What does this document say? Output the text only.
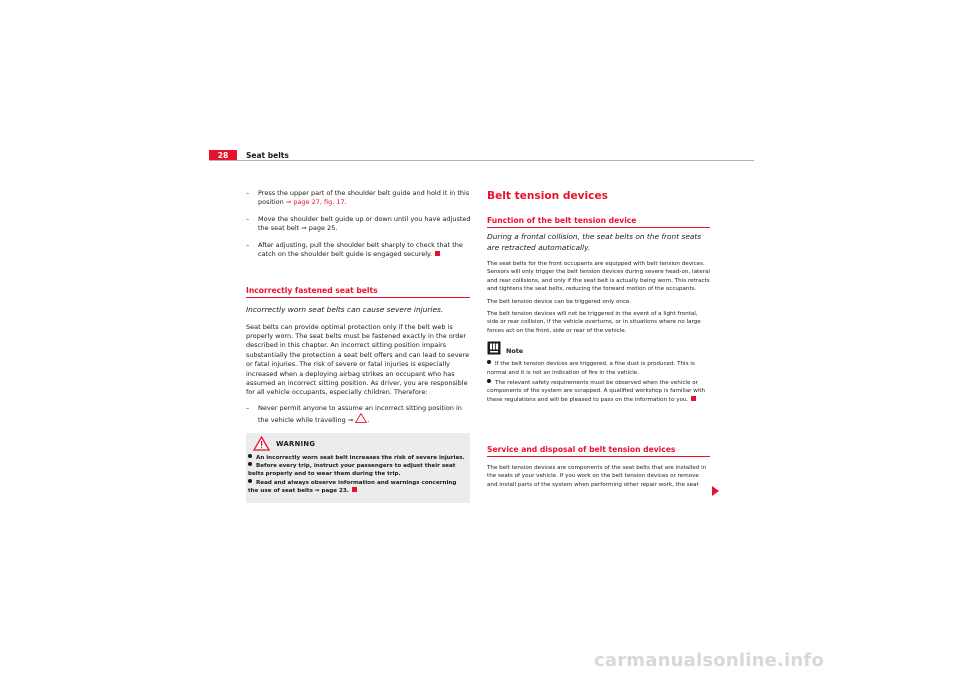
28	Seat belts

– Press the upper part of the shoulder belt guide and hold it in this position ⇒ page 27, fig. 17.

– Move the shoulder belt guide up or down until you have adjusted the seat belt ⇒ page 25.

– After adjusting, pull the shoulder belt sharply to check that the catch on the shoulder belt guide is engaged securely.

Incorrectly fastened seat belts

Incorrectly worn seat belts can cause severe injuries.

Seat belts can provide optimal protection only if the belt web is properly worn. The seat belts must be fastened exactly in the order described in this chapter. An incorrect sitting position impairs substantially the protection a seat belt offers and can lead to severe or fatal injuries. The risk of severe or fatal injuries is especially increased when a deploying airbag strikes an occupant who has assumed an incorrect sitting position. As driver, you are responsible for all vehicle occupants, especially children. Therefore:

– Never permit anyone to assume an incorrect sitting position in the vehicle while travelling ⇒ .

WARNING
An incorrectly worn seat belt increases the risk of severe injuries.
Before every trip, instruct your passengers to adjust their seat belts properly and to wear them during the trip.
Read and always observe information and warnings concerning the use of seat belts ⇒ page 23.
Belt tension devices
Function of the belt tension device

During a frontal collision, the seat belts on the front seats are retracted automatically.

The seat belts for the front occupants are equipped with belt tension devices. Sensors will only trigger the belt tension devices during severe head-on, lateral and rear collisions, and only if the seat belt is actually being worn. This retracts and tightens the seat belts, reducing the forward motion of the occupants.

The belt tension device can be triggered only once.

The belt tension devices will not be triggered in the event of a light frontal, side or rear collision, if the vehicle overturns, or in situations where no large forces act on the front, side or rear of the vehicle.

Note

If the belt tension devices are triggered, a fine dust is produced. This is normal and it is not an indication of fire in the vehicle.

The relevant safety requirements must be observed when the vehicle or components of the system are scrapped. A qualified workshop is familiar with these regulations and will be pleased to pass on the information to you.

Service and disposal of belt tension devices

The belt tension devices are components of the seat belts that are installed in the seats of your vehicle. If you work on the belt tension devices or remove and install parts of the system when performing other repair work, the seat

carmanualsonline.info
